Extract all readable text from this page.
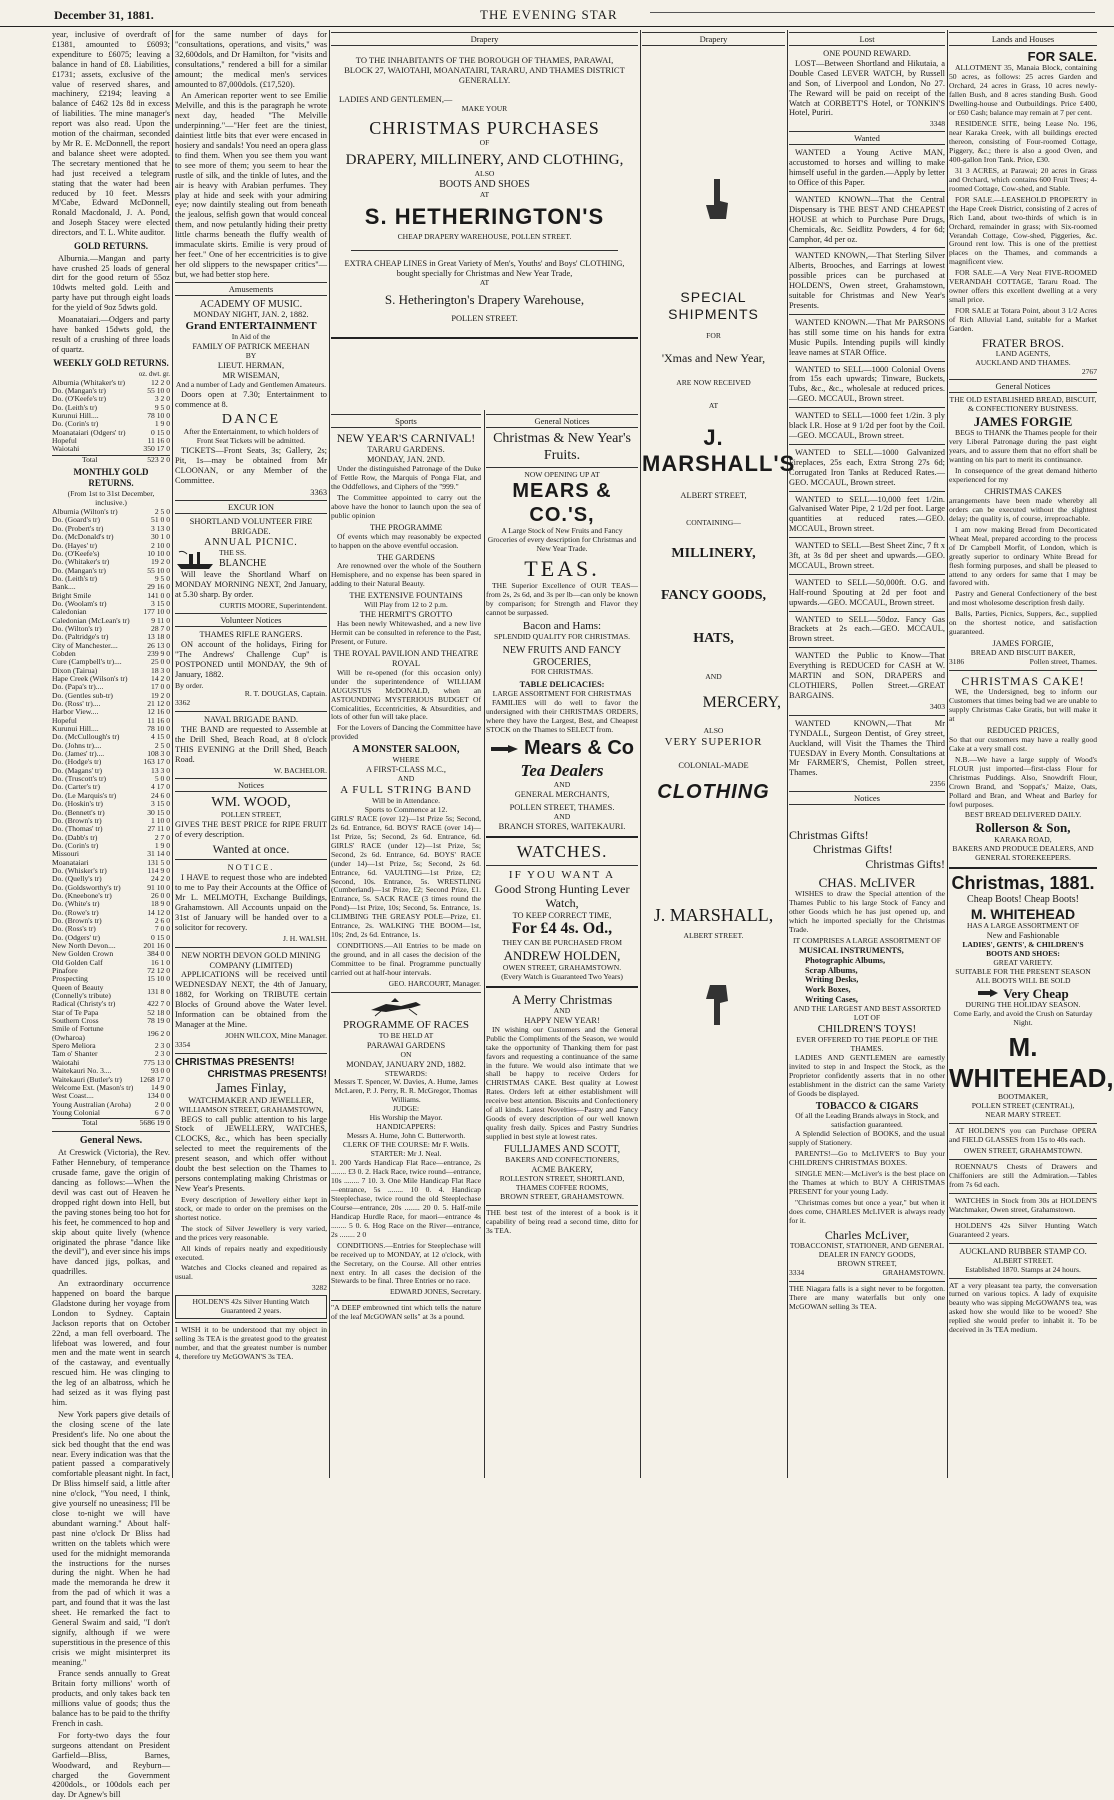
December 31, 1881.	THE EVENING STAR

year, inclusive of overdraft of £1381, amounted to £6093; expenditure to £6075; leaving a balance in hand of £8. Liabilities, £1731; assets, exclusive of the value of reserved shares, and machinery, £2194; leaving a balance of £462 12s 8d in excess of liabilities. The mine manager's report was also read. Upon the motion of the chairman, seconded by Mr R. E. McDonnell, the report and balance sheet were adopted. The secretary mentioned that he had just received a telegram stating that the water had been reduced by 10 feet. Messrs M'Cabe, Edward McDonnell, Ronald Macdonald, J. A. Pond, and Joseph Stacey were elected directors, and T. L. White auditor.

GOLD RETURNS.

Alburnia.—Mangan and party have crushed 25 loads of general dirt for the good return of 55oz 10dwts melted gold. Leith and party have put through eight loads for the yield of 9oz 5dwts gold.

Moanataiari.—Odgers and party have banked 15dwts gold, the result of a crushing of three loads of quartz.

WEEKLY GOLD RETURNS.
oz. dwt. gr.
Alburnia (Whitaker's tr)	12 2 0
Do. (Mangan's tr)	55 10 0
Do. (O'Keefe's tr)	3 2 0
Do. (Leith's tr)	9 5 0
Kurunui Hill....	78 10 0
Do. (Corin's tr)	1 9 0
Moanataiari (Odgers' tr)	0 15 0
Hopeful	11 16 0
Waiotahi	350 17 0
Total	523 2 0
MONTHLY GOLD RETURNS.
(From 1st to 31st December, inclusive.)
Alburnia (Wilton's tr)	2 5 0
Do. (Goard's tr)	51 0 0
Do. (Probert's tr)	3 13 0
Do. (McDonald's tr)	30 1 0
Do. (Hayes' tr)	2 10 0
Do. (O'Keefe's)	10 10 0
Do. (Whitaker's tr)	19 2 0
Do. (Mangan's tr)	55 10 0
Do. (Leith's tr)	9 5 0
Bank....	29 16 0
Bright Smile	141 0 0
Do. (Woolam's tr)	3 15 0
Caledonian	177 10 0
Caledonian (McLean's tr)	9 11 0
Do. (Wilton's tr)	28 7 0
Do. (Paltridge's tr)	13 18 0
City of Manchester....	26 13 0
Cobden	239 9 0
Cure (Campbell's tr)....	25 0 0
Dixon (Tairua)	18 3 0
Hape Creek (Wilson's tr)	14 2 0
Do. (Papa's tr)....	17 0 0
Do. (Gentles sub-tr)	19 2 0
Do. (Ross' tr)....	21 12 0
Harbor View....	12 16 0
Hopeful	11 16 0
Kurunui Hill....	78 10 0
Do. (McCullough's tr)	4 15 0
Do. (Johns tr)....	2 5 0
Do. (James' tr)....	108 3 0
Do. (Hodge's tr)	163 17 0
Do. (Magans' tr)	13 3 0
Do. (Truscott's tr)	5 0 0
Do. (Carter's tr)	4 17 0
Do. (Le Marquis's tr)	24 6 0
Do. (Hoskin's tr)	3 15 0
Do. (Bennett's tr)	30 15 0
Do. (Brown's tr)	1 10 0
Do. (Thomas' tr)	27 11 0
Do. (Dabb's tr)	2 7 0
Do. (Corin's tr)	1 9 0
Missouri	31 14 0
Moanataiari	131 5 0
Do. (Whisker's tr)	114 9 0
Do. (Quelly's tr)	24 2 0
Do. (Goldsworthy's tr)	91 10 0
Do. (Kneebone's tr)	26 0 0
Do. (White's tr)	18 9 0
Do. (Rowe's tr)	14 12 0
Do. (Brown's tr)	2 6 0
Do. (Ross's tr)	7 0 0
Do. (Odgers' tr)	0 15 0
New North Devon....	201 16 0
New Golden Crown	384 0 0
Old Golden Calf	16 1 0
Pinafore	72 12 0
Prospecting	15 10 0
Queen of Beauty (Connelly's tribute)	131 8 0
Radical (Christy's tr)	422 7 0
Star of Te Papa	52 18 0
Southern Cross	78 19 0
Smile of Fortune (Owharoa)	196 2 0
Spero Meliora	2 3 0
Tam o' Shanter	2 3 0
Waiotahi	775 13 0
Waitekauri No. 3....	93 0 0
Waitekauri (Butler's tr)	1268 17 0
Welcome Ext. (Mason's tr)	14 9 0
West Coast....	134 0 0
Young Australian (Aroha)	2 0 0
Young Colonial	6 7 0
Total	5686 19 0
General News.

At Creswick (Victoria), the Rev. Father Hennebury, of temperance crusade fame, gave the origin of dancing as follows:—When the devil was cast out of Heaven he dropped right down into Hell, but the paving stones being too hot for his feet, he commenced to hop and skip about quite lively (whence originated the phrase "dance like the devil"), and ever since his imps have danced jigs, polkas, and quadrilles.

An extraordinary occurrence happened on board the barque Gladstone during her voyage from London to Sydney. Captain Jackson reports that on October 22nd, a man fell overboard. The lifeboat was lowered, and four men and the mate went in search of the castaway, and eventually rescued him. He was clinging to the leg of an albatross, which he had seized as it was flying past him.

New York papers give details of the closing scene of the late President's life. No one about the sick bed thought that the end was near. Every indication was that the patient passed a comparatively comfortable pleasant night. In fact, Dr Bliss himself said, a little after nine o'clock, "You need, I think, give yourself no uneasiness; I'll be close to-night we will have abundant warning." About half-past nine o'clock Dr Bliss had written on the tablets which were used for the midnight memoranda the instructions for the nurses during the night. When he had made the memoranda he drew it from the pad of which it was a part, and found that it was the last sheet. He remarked the fact to General Swaim and said, "I don't signify, although if we were superstitious in the presence of this crisis we might misinterpret its meaning."

France sends annually to Great Britain forty millions' worth of products, and only takes back ten millions value of goods; thus the balance has to be paid to the thrifty French in cash.

For forty-two days the four surgeons attendant on President Garfield—Bliss, Barnes, Woodward, and Reyburn—charged the Government 4200dols., or 100dols each per day. Dr Agnew's bill

for the same number of days for "consultations, operations, and visits," was 32,600dols, and Dr Hamilton, for "visits and consultations," rendered a bill for a similar amount; the medical men's services amounted to 87,000dols. (£17,520).

An American reporter went to see Emilie Melville, and this is the paragraph he wrote next day, headed "The Melville underpinning."—"Her feet are the tiniest, daintiest little bits that ever were encased in hosiery and sandals! You need an opera glass to find them. When you see them you want to see more of them; you seem to hear the rustle of silk, and the tinkle of lutes, and the air is heavy with Arabian perfumes. They play at hide and seek with your admiring eye; now daintily stealing out from beneath the jealous, selfish gown that would conceal them, and now petulantly hiding their pretty little charms beneath the fluffy wealth of immaculate skirts. Emilie is very proud of her feet." One of her eccentricities is to give her old slippers to the newspaper critics"—but, we had better stop here.

Amusements
ACADEMY OF MUSIC.
MONDAY NIGHT, JAN. 2, 1882.
Grand ENTERTAINMENT
In Aid of the
FAMILY OF PATRICK MEEHAN
BY
LIEUT. HERMAN,
MR WISEMAN,
And a number of Lady and Gentlemen Amateurs.

Doors open at 7.30; Entertainment to commence at 8.

DANCE
After the Entertainment, to which holders of Front Seat Tickets will be admitted.

TICKETS—Front Seats, 3s; Gallery, 2s; Pit, 1s—may be obtained from Mr CLOONAN, or any Member of the Committee.

3363
EXCUR ION
SHORTLAND VOLUNTEER FIRE BRIGADE.
ANNUAL PICNIC.
THE SS.
BLANCHE

Will leave the Shortland Wharf on MONDAY MORNING NEXT, 2nd January, at 5.30 sharp. By order.

CURTIS MOORE, Superintendent.
Volunteer Notices
THAMES RIFLE RANGERS.

ON account of the holidays, Firing for "The Andrews' Challenge Cup" is POSTPONED until MONDAY, the 9th of January, 1882.

By order.
R. T. DOUGLAS, Captain.
3362
NAVAL BRIGADE BAND.

THE BAND are requested to Assemble at the Drill Shed, Beach Road, at 8 o'clock THIS EVENING at the Drill Shed, Beach Road.

W. BACHELOR.
Notices
WM. WOOD,
POLLEN STREET,

GIVES THE BEST PRICE for RIPE FRUIT of every description.

Wanted at once.
NOTICE.

I HAVE to request those who are indebted to me to Pay their Accounts at the Office of Mr L. MELMOTH, Exchange Buildings, Grahamstown. All Accounts unpaid on the 31st of January will be handed over to a solicitor for recovery.

J. H. WALSH.
NEW NORTH DEVON GOLD MINING COMPANY (LIMITED)

APPLICATIONS will be received until WEDNESDAY NEXT, the 4th of January, 1882, for Working on TRIBUTE certain Blocks of Ground above the Water level. Information can be obtained from the Manager at the Mine.

JOHN WILCOX, Mine Manager.
3354
CHRISTMAS PRESENTS!
CHRISTMAS PRESENTS!
James Finlay,
WATCHMAKER AND JEWELLER,
WILLIAMSON STREET, GRAHAMSTOWN,

BEGS to call public attention to his large Stock of JEWELLERY, WATCHES, CLOCKS, &c., which has been specially selected to meet the requirements of the present season, and which offer without doubt the best selection on the Thames to persons contemplating making Christmas or New Year's Presents.

Every description of Jewellery either kept in stock, or made to order on the premises on the shortest notice.

The stock of Silver Jewellery is very varied, and the prices very reasonable.

All kinds of repairs neatly and expeditiously executed.

Watches and Clocks cleaned and repaired as usual.

3282
HOLDEN'S 42s Silver Hunting Watch Guaranteed 2 years.

I WISH it to be understood that my object in selling 3s TEA is the greatest good to the greatest number, and that the greatest number is number 4, therefore try McGOWAN'S 3s TEA.

Drapery
TO THE INHABITANTS OF THE BOROUGH OF THAMES, PARAWAI, BLOCK 27, WAIOTAHI, MOANATAIRI, TARARU, AND THAMES DISTRICT GENERALLY.
LADIES AND GENTLEMEN,—
MAKE YOUR
CHRISTMAS PURCHASES
OF
DRAPERY, MILLINERY, AND CLOTHING,
ALSO
BOOTS AND SHOES
AT
S. HETHERINGTON'S
CHEAP DRAPERY WAREHOUSE, POLLEN STREET.
EXTRA CHEAP LINES in Great Variety of Men's, Youths' and Boys' CLOTHING, bought specially for Christmas and New Year Trade,
AT
S. Hetherington's Drapery Warehouse,
POLLEN STREET.
Sports
NEW YEAR'S CARNIVAL!
TARARU GARDENS.
MONDAY, JAN. 2ND.

Under the distinguished Patronage of the Duke of Fettle Row, the Marquis of Ponga Flat, and the Oddfellows, and Ciphers of the "999."

The Committee appointed to carry out the above have the honor to launch upon the sea of public opinion

THE PROGRAMME

Of events which may reasonably be expected to happen on the above eventful occasion.

THE GARDENS

Are renowned over the whole of the Southern Hemisphere, and no expense has been spared in adding to their Natural Beauty.

THE EXTENSIVE FOUNTAINS
Will Play from 12 to 2 p.m.
THE HERMIT'S GROTTO

Has been newly Whitewashed, and a new live Hermit can be consulted in reference to the Past, Present, or Future.

THE ROYAL PAVILION AND THEATRE ROYAL

Will be re-opened (for this occasion only) under the superintendence of WILLIAM AUGUSTUS McDONALD, when an ASTOUNDING MYSTERIOUS BUDGET Of Comicalities, Eccentricities, & Absurdities, and lots of other fun will take place.

For the Lovers of Dancing the Committee have provided

A MONSTER SALOON,
WHERE
A FIRST-CLASS M.C.,
AND
A FULL STRING BAND
Will be in Attendance.
Sports to Commence at 12.

GIRLS' RACE (over 12)—1st Prize 5s; Second, 2s 6d. Entrance, 6d. BOYS' RACE (over 14)—1st Prize, 5s; Second, 2s 6d. Entrance, 6d. GIRLS' RACE (under 12)—1st Prize, 5s; Second, 2s 6d. Entrance, 6d. BOYS' RACE (under 14)—1st Prize, 5s; Second, 2s 6d. Entrance, 6d. VAULTING—1st Prize, £2; Second, 10s. Entrance, 5s. WRESTLING (Cumberland)—1st Prize, £2; Second Prize, £1. Entrance, 5s. SACK RACE (3 times round the Pond)—1st Prize, 10s; Second, 5s. Entrance, 1s. CLIMBING THE GREASY POLE—Prize, £1. Entrance, 2s. WALKING THE BOOM—1st, 10s; 2nd, 2s 6d. Entrance, 1s.

CONDITIONS.—All Entries to be made on the ground, and in all cases the decision of the Committee to be final. Programme punctually carried out at half-hour intervals.

GEO. HARCOURT, Manager.
PROGRAMME OF RACES
TO BE HELD AT
PARAWAI GARDENS
ON
MONDAY, JANUARY 2ND, 1882.
STEWARDS:
Messrs T. Spencer, W. Davies, A. Hume, James McLaren, P. J. Perry, R. R. McGregor, Thomas Williams.
JUDGE:
His Worship the Mayor.
HANDICAPPERS:
Messrs A. Hume, John C. Butterworth.
CLERK OF THE COURSE: Mr F. Wells.
STARTER: Mr J. Neal.

1. 200 Yards Handicap Flat Race—entrance, 2s ........ £3 0. 2. Hack Race, twice round—entrance, 10s ........ 7 10. 3. One Mile Handicap Flat Race—entrance, 5s ........ 10 0. 4. Handicap Steeplechase, twice round the old Steeplechase Course—entrance, 20s ........ 20 0. 5. Half-mile Handicap Hurdle Race, for maori—entrance 4s ........ 5 0. 6. Hog Race on the River—entrance, 2s ........ 2 0

CONDITIONS.—Entries for Steeplechase will be received up to MONDAY, at 12 o'clock, with the Secretary, on the Course. All other entries next entry. In all cases the decision of the Stewards to be final. Three Entries or no race.

EDWARD JONES, Secretary.

"A DEEP embrowned tint which tells the nature of the leaf McGOWAN sells" at 3s a pound.

General Notices
Christmas & New Year's Fruits.
NOW OPENING UP AT
MEARS & CO.'S,

A Large Stock of New Fruits and Fancy Groceries of every description for Christmas and New Year Trade.

TEAS.

THE Superior Excellence of OUR TEAS—from 2s, 2s 6d, and 3s per lb—can only be known by comparison; for Strength and Flavor they cannot be surpassed.

Bacon and Hams:
SPLENDID QUALITY FOR CHRISTMAS.
NEW FRUITS AND FANCY GROCERIES,
FOR CHRISTMAS.
TABLE DELICACIES:
LARGE ASSORTMENT FOR CHRISTMAS

FAMILIES will do well to favor the undersigned with their CHRISTMAS ORDERS, where they have the Largest, Best, and Cheapest STOCK on the Thames to SELECT from.

Mears & Co
Tea Dealers
AND
GENERAL MERCHANTS,
POLLEN STREET, THAMES.
AND
BRANCH STORES, WAITEKAURI.
WATCHES.
IF YOU WANT A
Good Strong Hunting Lever Watch,
TO KEEP CORRECT TIME,
For £4 4s. Od.,
THEY CAN BE PURCHASED FROM
ANDREW HOLDEN,
OWEN STREET, GRAHAMSTOWN.
(Every Watch is Guaranteed Two Years)
A Merry Christmas
AND
HAPPY NEW YEAR!

IN wishing our Customers and the General Public the Compliments of the Season, we would take the opportunity of Thanking them for past favors and requesting a continuance of the same in the future. We would also intimate that we shall be happy to receive Orders for CHRISTMAS CAKE. Best quality at Lowest Rates. Orders left at either establishment will receive best attention. Biscuits and Confectionery of all kinds. Latest Novelties—Pastry and Fancy Goods of every description of our well known quality fresh daily. Spices and Pastry Sundries supplied in best style at lowest rates.

FULLJAMES AND SCOTT,
BAKERS AND CONFECTIONERS,
ACME BAKERY,
ROLLESTON STREET, SHORTLAND,
THAMES COFFEE ROOMS,
BROWN STREET, GRAHAMSTOWN.

THE best test of the interest of a book is it capability of being read a second time, ditto for 3s TEA.

Drapery
SPECIAL SHIPMENTS
FOR
'Xmas and New Year,
ARE NOW RECEIVED
AT
J. MARSHALL'S
ALBERT STREET,
CONTAINING—
MILLINERY,
FANCY GOODS,
HATS,
AND
MERCERY,
ALSO
VERY SUPERIOR
COLONIAL-MADE
CLOTHING
J. MARSHALL,
ALBERT STREET.
Lost
ONE POUND REWARD.

LOST—Between Shortland and Hikutaia, a Double Cased LEVER WATCH, by Russell and Son, of Liverpool and London, No 27. The Reward will be paid on receipt of the Watch at CORBETT'S Hotel, or TONKIN'S Hotel, Puriri.

3348
Wanted

WANTED a Young Active MAN, accustomed to horses and willing to make himself useful in the garden.—Apply by letter to Office of this Paper.

WANTED KNOWN—That the Central Dispensary is THE BEST AND CHEAPEST HOUSE at which to Purchase Pure Drugs, Chemicals, &c. Seidlitz Powders, 4 for 6d; Camphor, 4d per oz.

WANTED KNOWN,—That Sterling Silver Alberts, Brooches, and Earrings at lowest possible prices can be purchased at HOLDEN'S, Owen street, Grahamstown, suitable for Christmas and New Year's Presents.

WANTED KNOWN.—That Mr PARSONS has still some time on his hands for extra Music Pupils. Intending pupils will kindly leave names at STAR Office.

WANTED to SELL—1000 Colonial Ovens from 15s each upwards; Tinware, Buckets, Tubs, &c., &c., wholesale at reduced prices.—GEO. MCCAUL, Brown street.

WANTED to SELL—1000 feet 1/2in. 3 ply black I.R. Hose at 9 1/2d per foot by the Coil.—GEO. MCCAUL, Brown street.

WANTED to SELL—1000 Galvanized Fireplaces, 25s each, Extra Strong 27s 6d; Corrugated Iron Tanks at Reduced Rates.—GEO. MCCAUL, Brown street.

WANTED to SELL—10,000 feet 1/2in. Galvanised Water Pipe, 2 1/2d per foot. Large quantities at reduced rates.—GEO. MCCAUL, Brown street.

WANTED to SELL—Best Sheet Zinc, 7 ft x 3ft, at 3s 8d per sheet and upwards.—GEO. MCCAUL, Brown street.

WANTED to SELL—50,000ft. O.G. and Half-round Spouting at 2d per foot and upwards.—GEO. MCCAUL, Brown street.

WANTED to SELL—50doz. Fancy Gas Brackets at 2s each.—GEO. MCCAUL, Brown street.

WANTED the Public to Know—That Everything is REDUCED for CASH at W. MARTIN and SON, DRAPERS and CLOTHIERS, Pollen Street.—GREAT BARGAINS.

3403

WANTED KNOWN,—That Mr TYNDALL, Surgeon Dentist, of Grey street, Auckland, will Visit the Thames the Third TUESDAY in Every Month. Consultations at Mr FARMER'S, Chemist, Pollen street, Thames.

2356
Notices
Christmas Gifts!
Christmas Gifts!
Christmas Gifts!
CHAS. McLIVER

WISHES to draw the Special attention of the Thames Public to his large Stock of Fancy and other Goods which he has just opened up, and which he imported specially for the Christmas Trade.

IT COMPRISES A LARGE ASSORTMENT OF
MUSICAL INSTRUMENTS,
Photographic Albums,
Scrap Albums,
Writing Desks,
Work Boxes,
Writing Cases,
AND THE LARGEST AND BEST ASSORTED LOT OF
CHILDREN'S TOYS!
EVER OFFERED TO THE PEOPLE OF THE THAMES.

LADIES AND GENTLEMEN are earnestly invited to step in and Inspect the Stock, as the Proprietor confidently asserts that in no other establishment in the district can the same Variety of Goods be displayed.

TOBACCO & CIGARS
Of all the Leading Brands always in Stock, and satisfaction guaranteed.

A Splendid Selection of BOOKS, and the usual supply of Stationery.

PARENTS!—Go to McLIVER'S to Buy your CHILDREN'S CHRISTMAS BOXES.

SINGLE MEN:—McLiver's is the best place on the Thames at which to BUY A CHRISTMAS PRESENT for your young Lady.

"Christmas comes but once a year," but when it does come, CHARLES McLIVER is always ready for it.

Charles McLiver,
TOBACCONIST, STATIONER, AND GENERAL DEALER IN FANCY GOODS,
BROWN STREET,
3334	GRAHAMSTOWN.

THE Niagara falls is a sight never to be forgotten. There are many waterfalls but only one McGOWAN selling 3s TEA.

Lands and Houses
FOR SALE.

ALLOTMENT 35, Manaia Block, containing 50 acres, as follows: 25 acres Garden and Orchard, 24 acres in Grass, 10 acres newly-fallen Bush, and 8 acres standing Bush. Good Dwelling-house and Outbuildings. Price £400, or £60 Cash; balance may remain at 7 per cent.

RESIDENCE SITE, being Lease No. 196, near Karaka Creek, with all buildings erected thereon, consisting of Four-roomed Cottage, Piggery, &c.; there is also a good Oven, and 400-gallon Iron Tank. Price, £30.

31 3 ACRES, at Parawai; 20 acres in Grass and Orchard, which contains 600 Fruit Trees; 4-roomed Cottage, Cow-shed, and Stable.

FOR SALE.—LEASEHOLD PROPERTY in the Hape Creek District, consisting of 2 acres of Rich Land, about two-thirds of which is in Orchard, remainder in grass; with Six-roomed Verandah Cottage, Cow-shed, Piggeries, &c. Ground rent low. This is one of the prettiest places on the Thames, and commands a magnificent view.

FOR SALE.—A Very Neat FIVE-ROOMED VERANDAH COTTAGE, Tararu Road. The owner offers this excellent dwelling at a very small price.

FOR SALE at Totara Point, about 3 1/2 Acres of Rich Alluvial Land, suitable for a Market Garden.

FRATER BROS.
LAND AGENTS,
AUCKLAND AND THAMES.
2767
General Notices
THE OLD ESTABLISHED BREAD, BISCUIT, & CONFECTIONERY BUSINESS.
JAMES FORGIE

BEGS to THANK the Thames people for their very Liberal Patronage during the past eight years, and to assure them that no effort shall be wanting on his part to merit its continuance.

In consequence of the great demand hitherto experienced for my

CHRISTMAS CAKES

arrangements have been made whereby all orders can be executed without the slightest delay; the quality is, of course, irreproachable.

I am now making Bread from Decorticated Wheat Meal, prepared according to the process of Dr Campbell Morfit, of London, which is greatly superior to ordinary White Bread for flesh forming purposes, and shall be pleased to attend to any orders for same that I may be favored with.

Pastry and General Confectionery of the best and most wholesome description fresh daily.

Balls, Parties, Picnics, Suppers, &c., supplied on the shortest notice, and satisfaction guaranteed.

JAMES FORGIE,
BREAD AND BISCUIT BAKER,
3186	Pollen street, Thames.
CHRISTMAS CAKE!

WE, the Undersigned, beg to inform our Customers that times being bad we are unable to supply Christmas Cake Gratis, but will make it at

REDUCED PRICES,

So that our customers may have a really good Cake at a very small cost.

N.B.—We have a large supply of Wood's FLOUR just imported—first-class Flour for Christmas Puddings. Also, Snowdrift Flour, Crown Brand, and 'Soppat's,' Maize, Oats, Pollard and Bran, and Wheat and Barley for fowl purposes.

BEST BREAD DELIVERED DAILY.
Rollerson & Son,
KARAKA ROAD,
BAKERS AND PRODUCE DEALERS, AND GENERAL STOREKEEPERS.
Christmas, 1881.
Cheap Boots! Cheap Boots!
M. WHITEHEAD
HAS A LARGE ASSORTMENT OF
New and Fashionable
LADIES', GENTS', & CHILDREN'S BOOTS AND SHOES:
GREAT VARIETY.
SUITABLE FOR THE PRESENT SEASON
ALL BOOTS WILL BE SOLD
Very Cheap
DURING THE HOLIDAY SEASON.
Come Early, and avoid the Crush on Saturday Night.
M. WHITEHEAD,
BOOTMAKER,
POLLEN STREET (CENTRAL),
NEAR MARY STREET.

AT HOLDEN'S you can Purchase OPERA and FIELD GLASSES from 15s to 40s each.

OWEN STREET, GRAHAMSTOWN.

ROENNAU'S Chests of Drawers and Chiffoniers are still the Admiration.—Tables from 7s 6d each.

WATCHES in Stock from 30s at HOLDEN'S Watchmaker, Owen street, Grahamstown.

HOLDEN'S 42s Silver Hunting Watch Guaranteed 2 years.

AUCKLAND RUBBER STAMP CO.
ALBERT STREET.
Established 1870. Stamps at 24 hours.

AT a very pleasant tea party, the conversation turned on various topics. A lady of exquisite beauty who was sipping McGOWAN'S tea, was asked how she would like to be wooed? She replied she would prefer to inhabit it. To be deceived in 3s TEA medium.
